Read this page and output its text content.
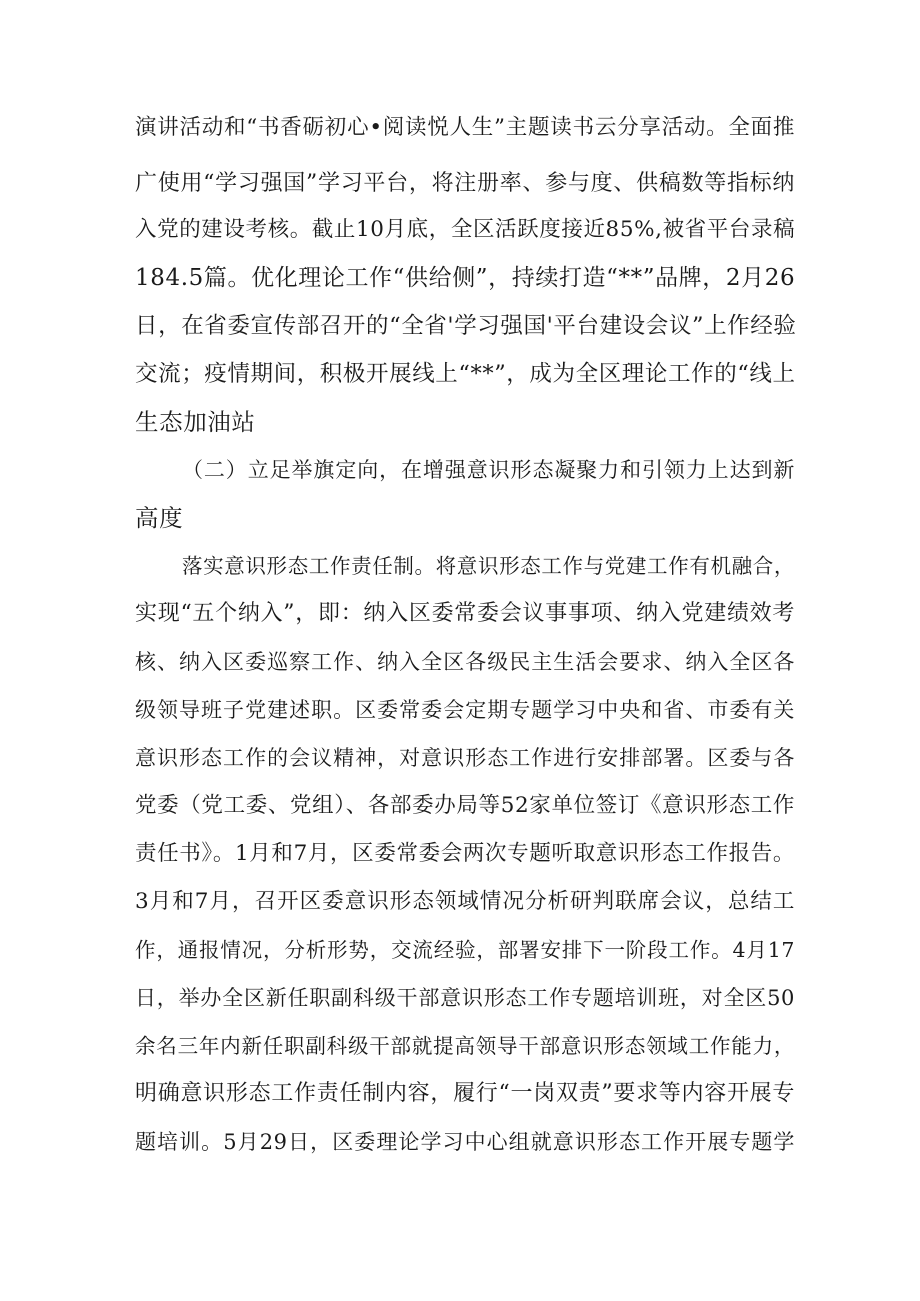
演讲活动和“书香砺初心•阅读悦人生”主题读书云分享活动。全面推
广使用“学习强国”学习平台，将注册率、参与度、供稿数等指标纳
入党的建设考核。截止10月底，全区活跃度接近85%,被省平台录稿
184.5篇。优化理论工作“供给侧”，持续打造“**”品牌，2月26
日，在省委宣传部召开的“全省'学习强国'平台建设会议”上作经验
交流；疫情期间，积极开展线上“**”，成为全区理论工作的“线上
生态加油站
（二）立足举旗定向，在增强意识形态凝聚力和引领力上达到新
高度
落实意识形态工作责任制。将意识形态工作与党建工作有机融合，
实现“五个纳入”，即：纳入区委常委会议事事项、纳入党建绩效考
核、纳入区委巡察工作、纳入全区各级民主生活会要求、纳入全区各
级领导班子党建述职。区委常委会定期专题学习中央和省、市委有关
意识形态工作的会议精神，对意识形态工作进行安排部署。区委与各
党委（党工委、党组）、各部委办局等52家单位签订《意识形态工作
责任书》。1月和7月，区委常委会两次专题听取意识形态工作报告。
3月和7月，召开区委意识形态领域情况分析研判联席会议，总结工
作，通报情况，分析形势，交流经验，部署安排下一阶段工作。4月17
日，举办全区新任职副科级干部意识形态工作专题培训班，对全区50
余名三年内新任职副科级干部就提高领导干部意识形态领域工作能力，
明确意识形态工作责任制内容，履行“一岗双责”要求等内容开展专
题培训。5月29日，区委理论学习中心组就意识形态工作开展专题学
